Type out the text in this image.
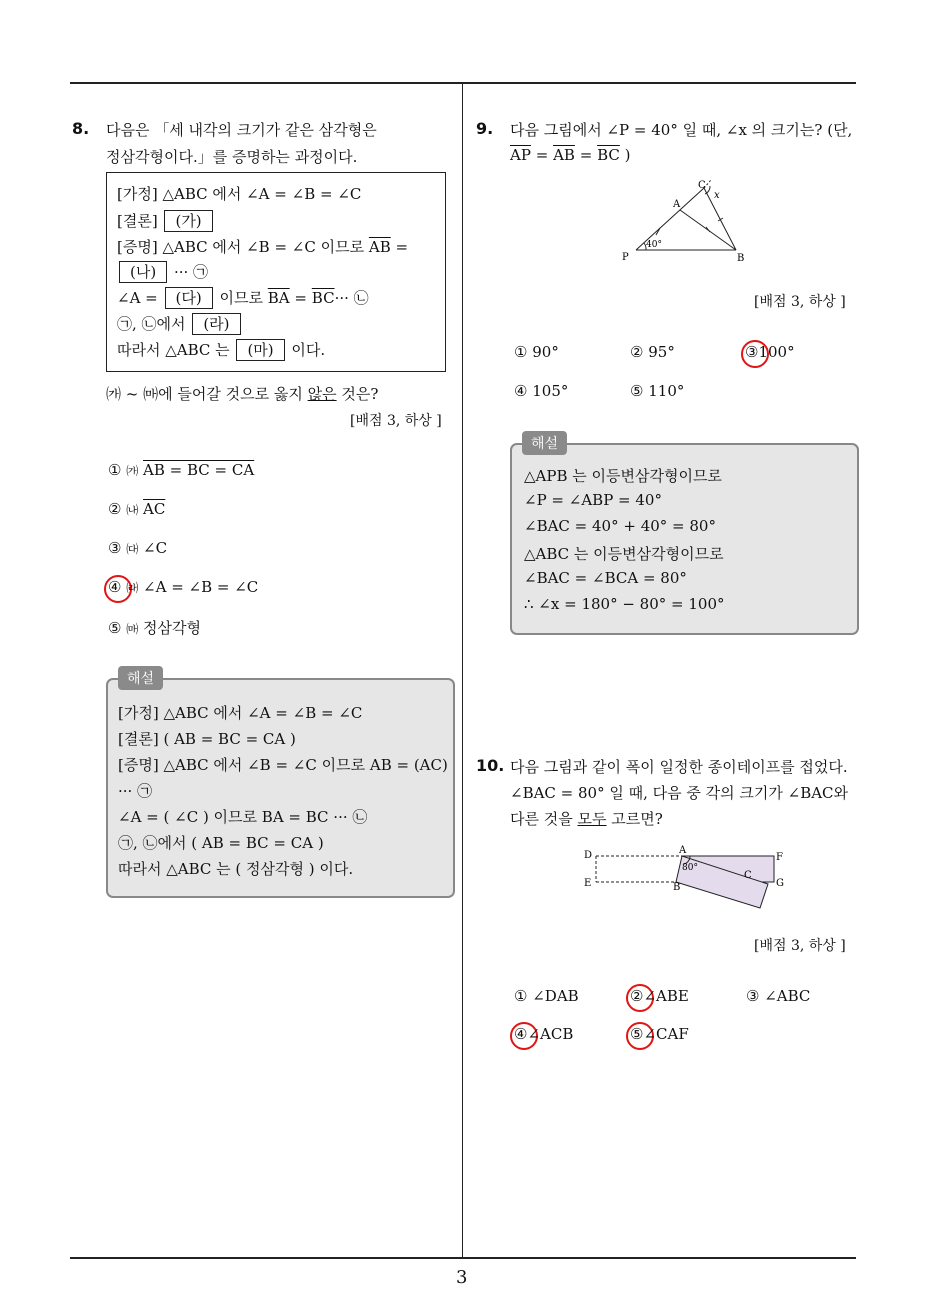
3
8. 다음은 「세 내각의 크기가 같은 삼각형은
정삼각형이다.」를 증명하는 과정이다.
[가정] △ABC 에서 ∠A = ∠B = ∠C
[결론] (가)
[증명] △ABC 에서 ∠B = ∠C 이므로 $\overline{AB}$ =
(나) ··· ㉠
∠A = (다) 이므로 $\overline{BA} = \overline{BC}\cdot\cdot\cdot$ ㉡
㉠, ㉡에서 (라)
따라서 △ABC 는 (마) 이다.
㈎ ~ ㈒에 들어갈 것으로 옳지 않은 것은?
[배점 3, 하상 ]
① ㈎ AB = BC = CA
② ㈏ $\overline{AC}$
③ ㈐ ∠C
④ ㈑ ∠A = ∠B = ∠C
⑤ ㈒ 정삼각형
[가정] △ABC 에서 ∠A = ∠B = ∠C
[결론] ( AB = BC = CA )
[증명] △ABC 에서 ∠B = ∠C 이므로 AB = (AC)
··· ㉠
∠A = ( ∠C ) 이므로 BA = BC ··· ㉡
㉠, ㉡에서 ( AB = BC = CA )
따라서 △ABC 는 ( 정삼각형 ) 이다.
해설
9. 다음 그림에서 ∠P = 40° 일 때, ∠x 의 크기는? (단,
$\overline{AP} = \overline{AB} = \overline{BC}$ )
C
x
A
P	B
40°
[배점 3, 하상 ]
① 90°	② 95°	③100°
④ 105°	⑤ 110°
△APB 는 이등변삼각형이므로
∠P = ∠ABP = 40°
∠BAC = 40° + 40° = 80°
△ABC 는 이등변삼각형이므로
∠BAC = ∠BCA = 80°
∴ ∠x = 180° − 80° = 100°
해설
10. 다음 그림과 같이 폭이 일정한 종이테이프를 접었다.
∠BAC = 80° 일 때, 다음 중 각의 크기가 ∠BAC와
다른 것을 모두 고르면?
D	A
F
E	B
C
G
80°
[배점 3, 하상 ]
① ∠DAB	②∠ABE	③ ∠ABC
④∠ACB	⑤∠CAF
